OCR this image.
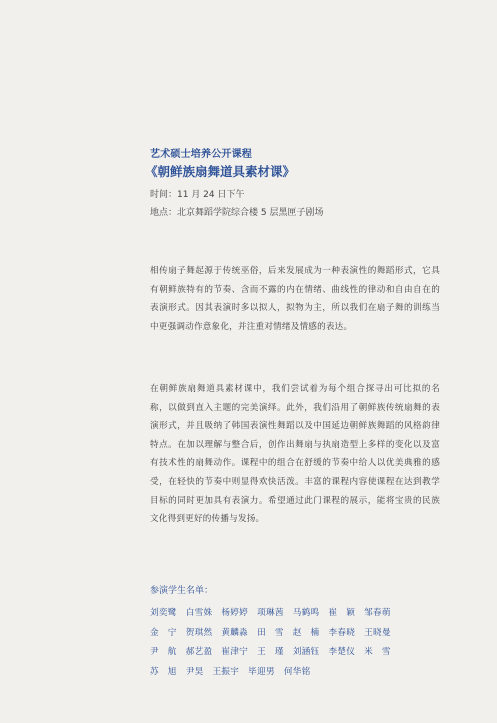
艺术硕士培养公开课程
《朝鲜族扇舞道具素材课》
时间：11 月 24 日下午
地点：北京舞蹈学院综合楼 5 层黑匣子剧场
相传扇子舞起源于传统巫俗，后来发展成为一种表演性的舞蹈形式，它具有朝鲜族特有的节奏、含而不露的内在情绪、曲线性的律动和自由自在的表演形式。因其表演时多以拟人，拟物为主，所以我们在扇子舞的训练当中更强调动作意象化，并注重对情绪及情感的表达。
在朝鲜族扇舞道具素材课中，我们尝试着为每个组合探寻出可比拟的名称，以做到直入主题的完美演绎。此外，我们沿用了朝鲜族传统扇舞的表演形式，并且吸纳了韩国表演性舞蹈以及中国延边朝鲜族舞蹈的风格韵律特点。在加以理解与整合后，创作出舞扇与执扇造型上多样的变化以及富有技术性的扇舞动作。课程中的组合在舒缓的节奏中给人以优美典雅的感受，在轻快的节奏中则显得欢快活泼。丰富的课程内容使课程在达到教学目标的同时更加具有表演力。希望通过此门课程的展示，能将宝贵的民族文化得到更好的传播与发扬。
参演学生名单：
刘奕鹭 白雪姝 杨婷婷 项琳茜 马鹤鸣 崔　颖 邹春萌
金　宁 贺琪然 黄麟淼 田　雪 赵　楠 李春晓 王晓曼
尹　航 郝艺盈 崔津宁 王　瑾 刘涵钰 李楚仪 米　雪
苏　旭 尹昊 王振宇 毕迎男 何华铭
